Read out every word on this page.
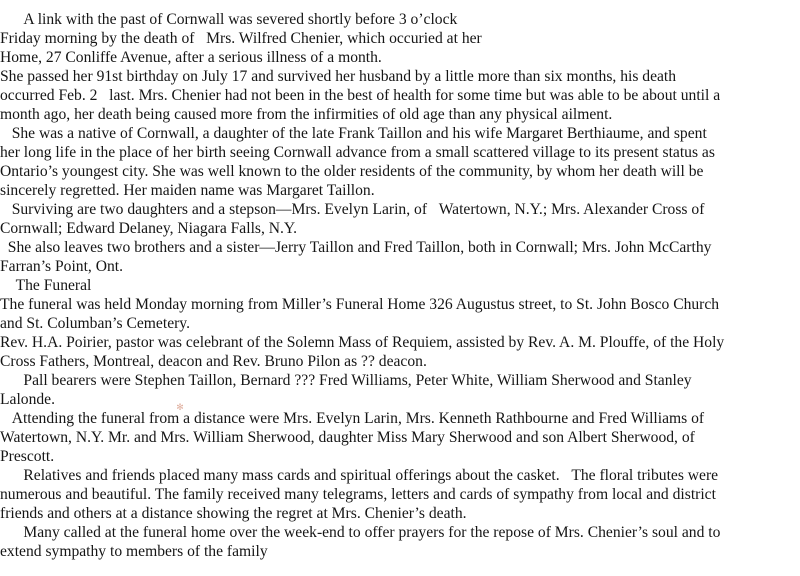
A link with the past of Cornwall was severed shortly before 3 o’clock
Friday morning by the death of   Mrs. Wilfred Chenier, which occuried at her
Home, 27 Conliffe Avenue, after a serious illness of a month.
She passed her 91st birthday on July 17 and survived her husband by a little more than six months, his death
occurred Feb. 2   last. Mrs. Chenier had not been in the best of health for some time but was able to be about until a
month ago, her death being caused more from the infirmities of old age than any physical ailment.
She was a native of Cornwall, a daughter of the late Frank Taillon and his wife Margaret Berthiaume, and spent
her long life in the place of her birth seeing Cornwall advance from a small scattered village to its present status as
Ontario’s youngest city. She was well known to the older residents of the community, by whom her death will be
sincerely regretted. Her maiden name was Margaret Taillon.
Surviving are two daughters and a stepson—Mrs. Evelyn Larin, of   Watertown, N.Y.; Mrs. Alexander Cross of
Cornwall; Edward Delaney, Niagara Falls, N.Y.
She also leaves two brothers and a sister—Jerry Taillon and Fred Taillon, both in Cornwall; Mrs. John McCarthy
Farran’s Point, Ont.
The Funeral
The funeral was held Monday morning from Miller’s Funeral Home 326 Augustus street, to St. John Bosco Church
and St. Columban’s Cemetery.
Rev. H.A. Poirier, pastor was celebrant of the Solemn Mass of Requiem, assisted by Rev. A. M. Plouffe, of the Holy
Cross Fathers, Montreal, deacon and Rev. Bruno Pilon as ?? deacon.
Pall bearers were Stephen Taillon, Bernard ??? Fred Williams, Peter White, William Sherwood and Stanley
Lalonde.
Attending the funeral from a distance were Mrs. Evelyn Larin, Mrs. Kenneth Rathbourne and Fred Williams of
Watertown, N.Y. Mr. and Mrs. William Sherwood, daughter Miss Mary Sherwood and son Albert Sherwood, of
Prescott.
Relatives and friends placed many mass cards and spiritual offerings about the casket.   The floral tributes were
numerous and beautiful. The family received many telegrams, letters and cards of sympathy from local and district
friends and others at a distance showing the regret at Mrs. Chenier’s death.
Many called at the funeral home over the week-end to offer prayers for the repose of Mrs. Chenier’s soul and to
extend sympathy to members of the family
✻
